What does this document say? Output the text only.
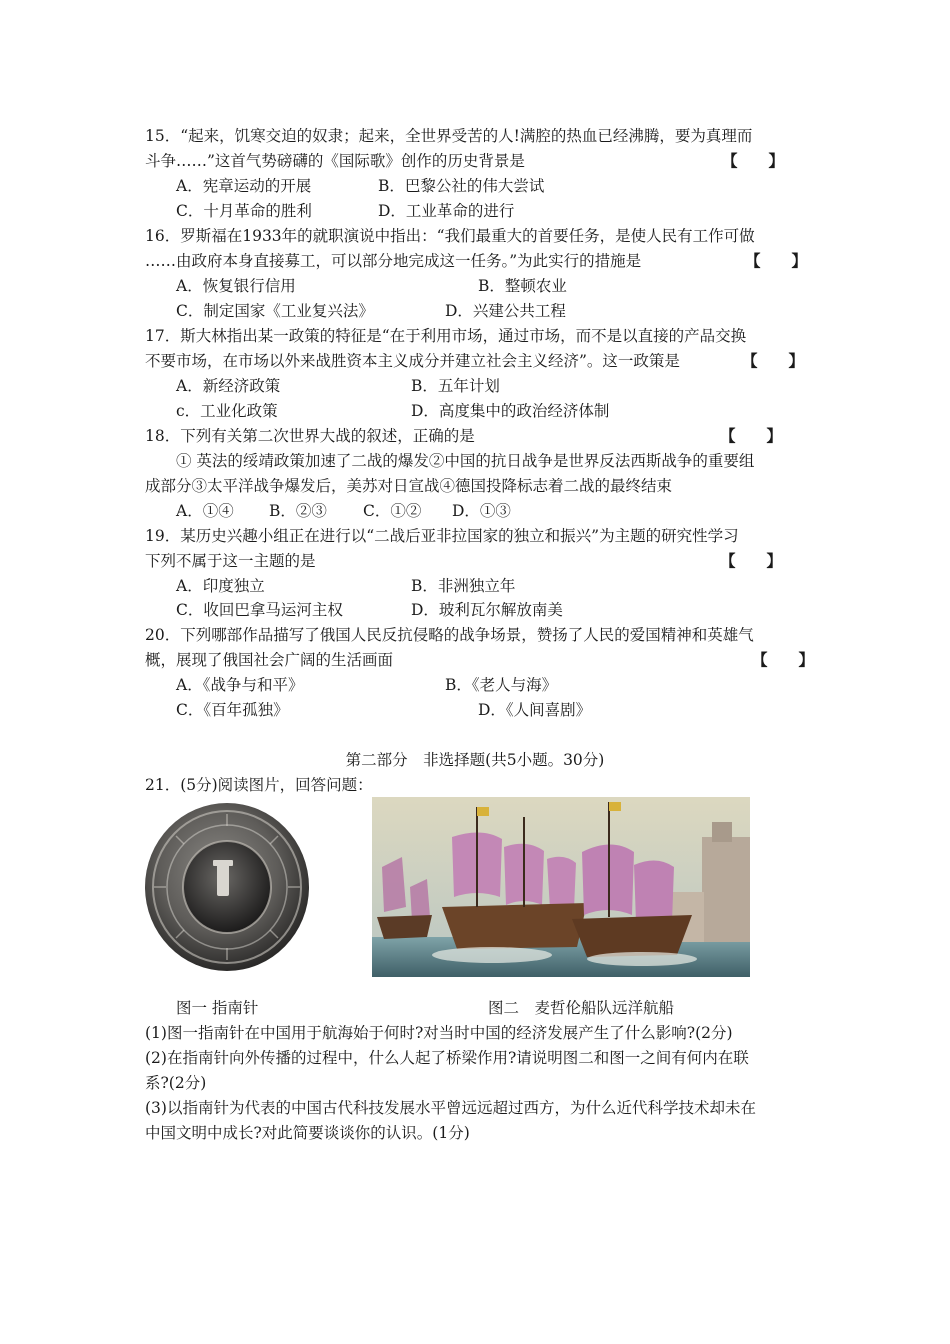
15．“起来，饥寒交迫的奴隶；起来，全世界受苦的人!满腔的热血已经沸腾，要为真理而
斗争……”这首气势磅礴的《国际歌》创作的历史背景是	【　　】
A．宪章运动的开展	B．巴黎公社的伟大尝试
C．十月革命的胜利	D．工业革命的进行
16．罗斯福在1933年的就职演说中指出：“我们最重大的首要任务，是使人民有工作可做
……由政府本身直接募工，可以部分地完成这一任务。”为此实行的措施是	【　　】
A．恢复银行信用	B．整顿农业
C．制定国家《工业复兴法》	D．兴建公共工程
17．斯大林指出某一政策的特征是“在于利用市场，通过市场，而不是以直接的产品交换
不要市场，在市场以外来战胜资本主义成分并建立社会主义经济”。这一政策是	【　　】
A．新经济政策	B．五年计划
c．工业化政策	D．高度集中的政治经济体制
18．下列有关第二次世界大战的叙述，正确的是	【　　】
① 英法的绥靖政策加速了二战的爆发②中国的抗日战争是世界反法西斯战争的重要组
成部分③太平洋战争爆发后，美苏对日宣战④德国投降标志着二战的最终结束
A．①④ B．②③ C．①② D．①③
19．某历史兴趣小组正在进行以“二战后亚非拉国家的独立和振兴”为主题的研究性学习
下列不属于这一主题的是	【　　】
A．印度独立	B．非洲独立年
C．收回巴拿马运河主权	D．玻利瓦尔解放南美
20．下列哪部作品描写了俄国人民反抗侵略的战争场景，赞扬了人民的爱国精神和英雄气
概，展现了俄国社会广阔的生活画面	【　　】
A．《战争与和平》	B．《老人与海》
C．《百年孤独》	D．《人间喜剧》
第二部分　非选择题(共5小题。30分)
21．(5分)阅读图片，回答问题：
图一 指南针	图二　麦哲伦船队远洋航船
(1)图一指南针在中国用于航海始于何时?对当时中国的经济发展产生了什么影响?(2分)
(2)在指南针向外传播的过程中，什么人起了桥梁作用?请说明图二和图一之间有何内在联
系?(2分)
(3)以指南针为代表的中国古代科技发展水平曾远远超过西方，为什么近代科学技术却未在
中国文明中成长?对此简要谈谈你的认识。(1分)
